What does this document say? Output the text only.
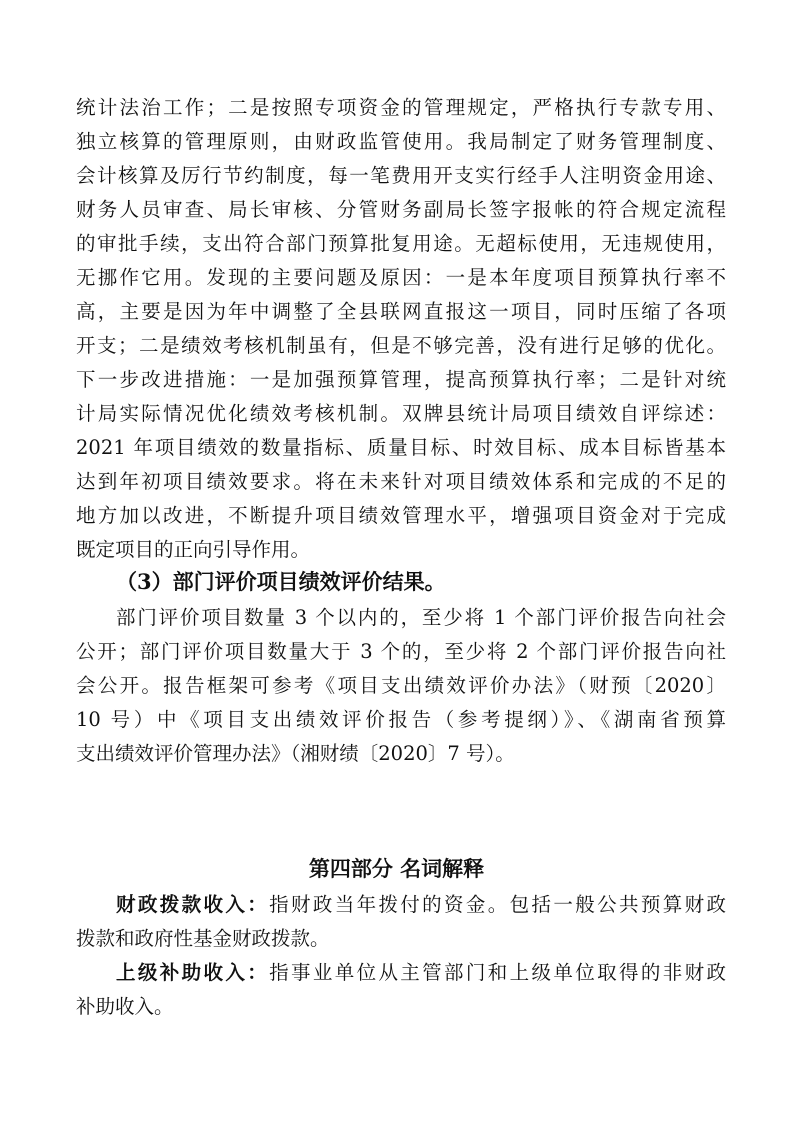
统计法治工作；二是按照专项资金的管理规定，严格执行专款专用、
独立核算的管理原则，由财政监管使用。我局制定了财务管理制度、
会计核算及厉行节约制度，每一笔费用开支实行经手人注明资金用途、
财务人员审查、局长审核、分管财务副局长签字报帐的符合规定流程
的审批手续，支出符合部门预算批复用途。无超标使用，无违规使用，
无挪作它用。发现的主要问题及原因：一是本年度项目预算执行率不
高，主要是因为年中调整了全县联网直报这一项目，同时压缩了各项
开支；二是绩效考核机制虽有，但是不够完善，没有进行足够的优化。
下一步改进措施：一是加强预算管理，提高预算执行率；二是针对统
计局实际情况优化绩效考核机制。双牌县统计局项目绩效自评综述：
2021 年项目绩效的数量指标、质量目标、时效目标、成本目标皆基本
达到年初项目绩效要求。将在未来针对项目绩效体系和完成的不足的
地方加以改进，不断提升项目绩效管理水平，增强项目资金对于完成
既定项目的正向引导作用。
（3）部门评价项目绩效评价结果。
部门评价项目数量 3 个以内的，至少将 1 个部门评价报告向社会
公开；部门评价项目数量大于 3 个的，至少将 2 个部门评价报告向社
会公开。报告框架可参考《项目支出绩效评价办法》（财预〔2020〕
10 号）中《项目支出绩效评价报告（参考提纲）》、《湖南省预算
支出绩效评价管理办法》（湘财绩〔2020〕7 号）。
第四部分 名词解释
财政拨款收入：指财政当年拨付的资金。包括一般公共预算财政
拨款和政府性基金财政拨款。
上级补助收入：指事业单位从主管部门和上级单位取得的非财政
补助收入。
